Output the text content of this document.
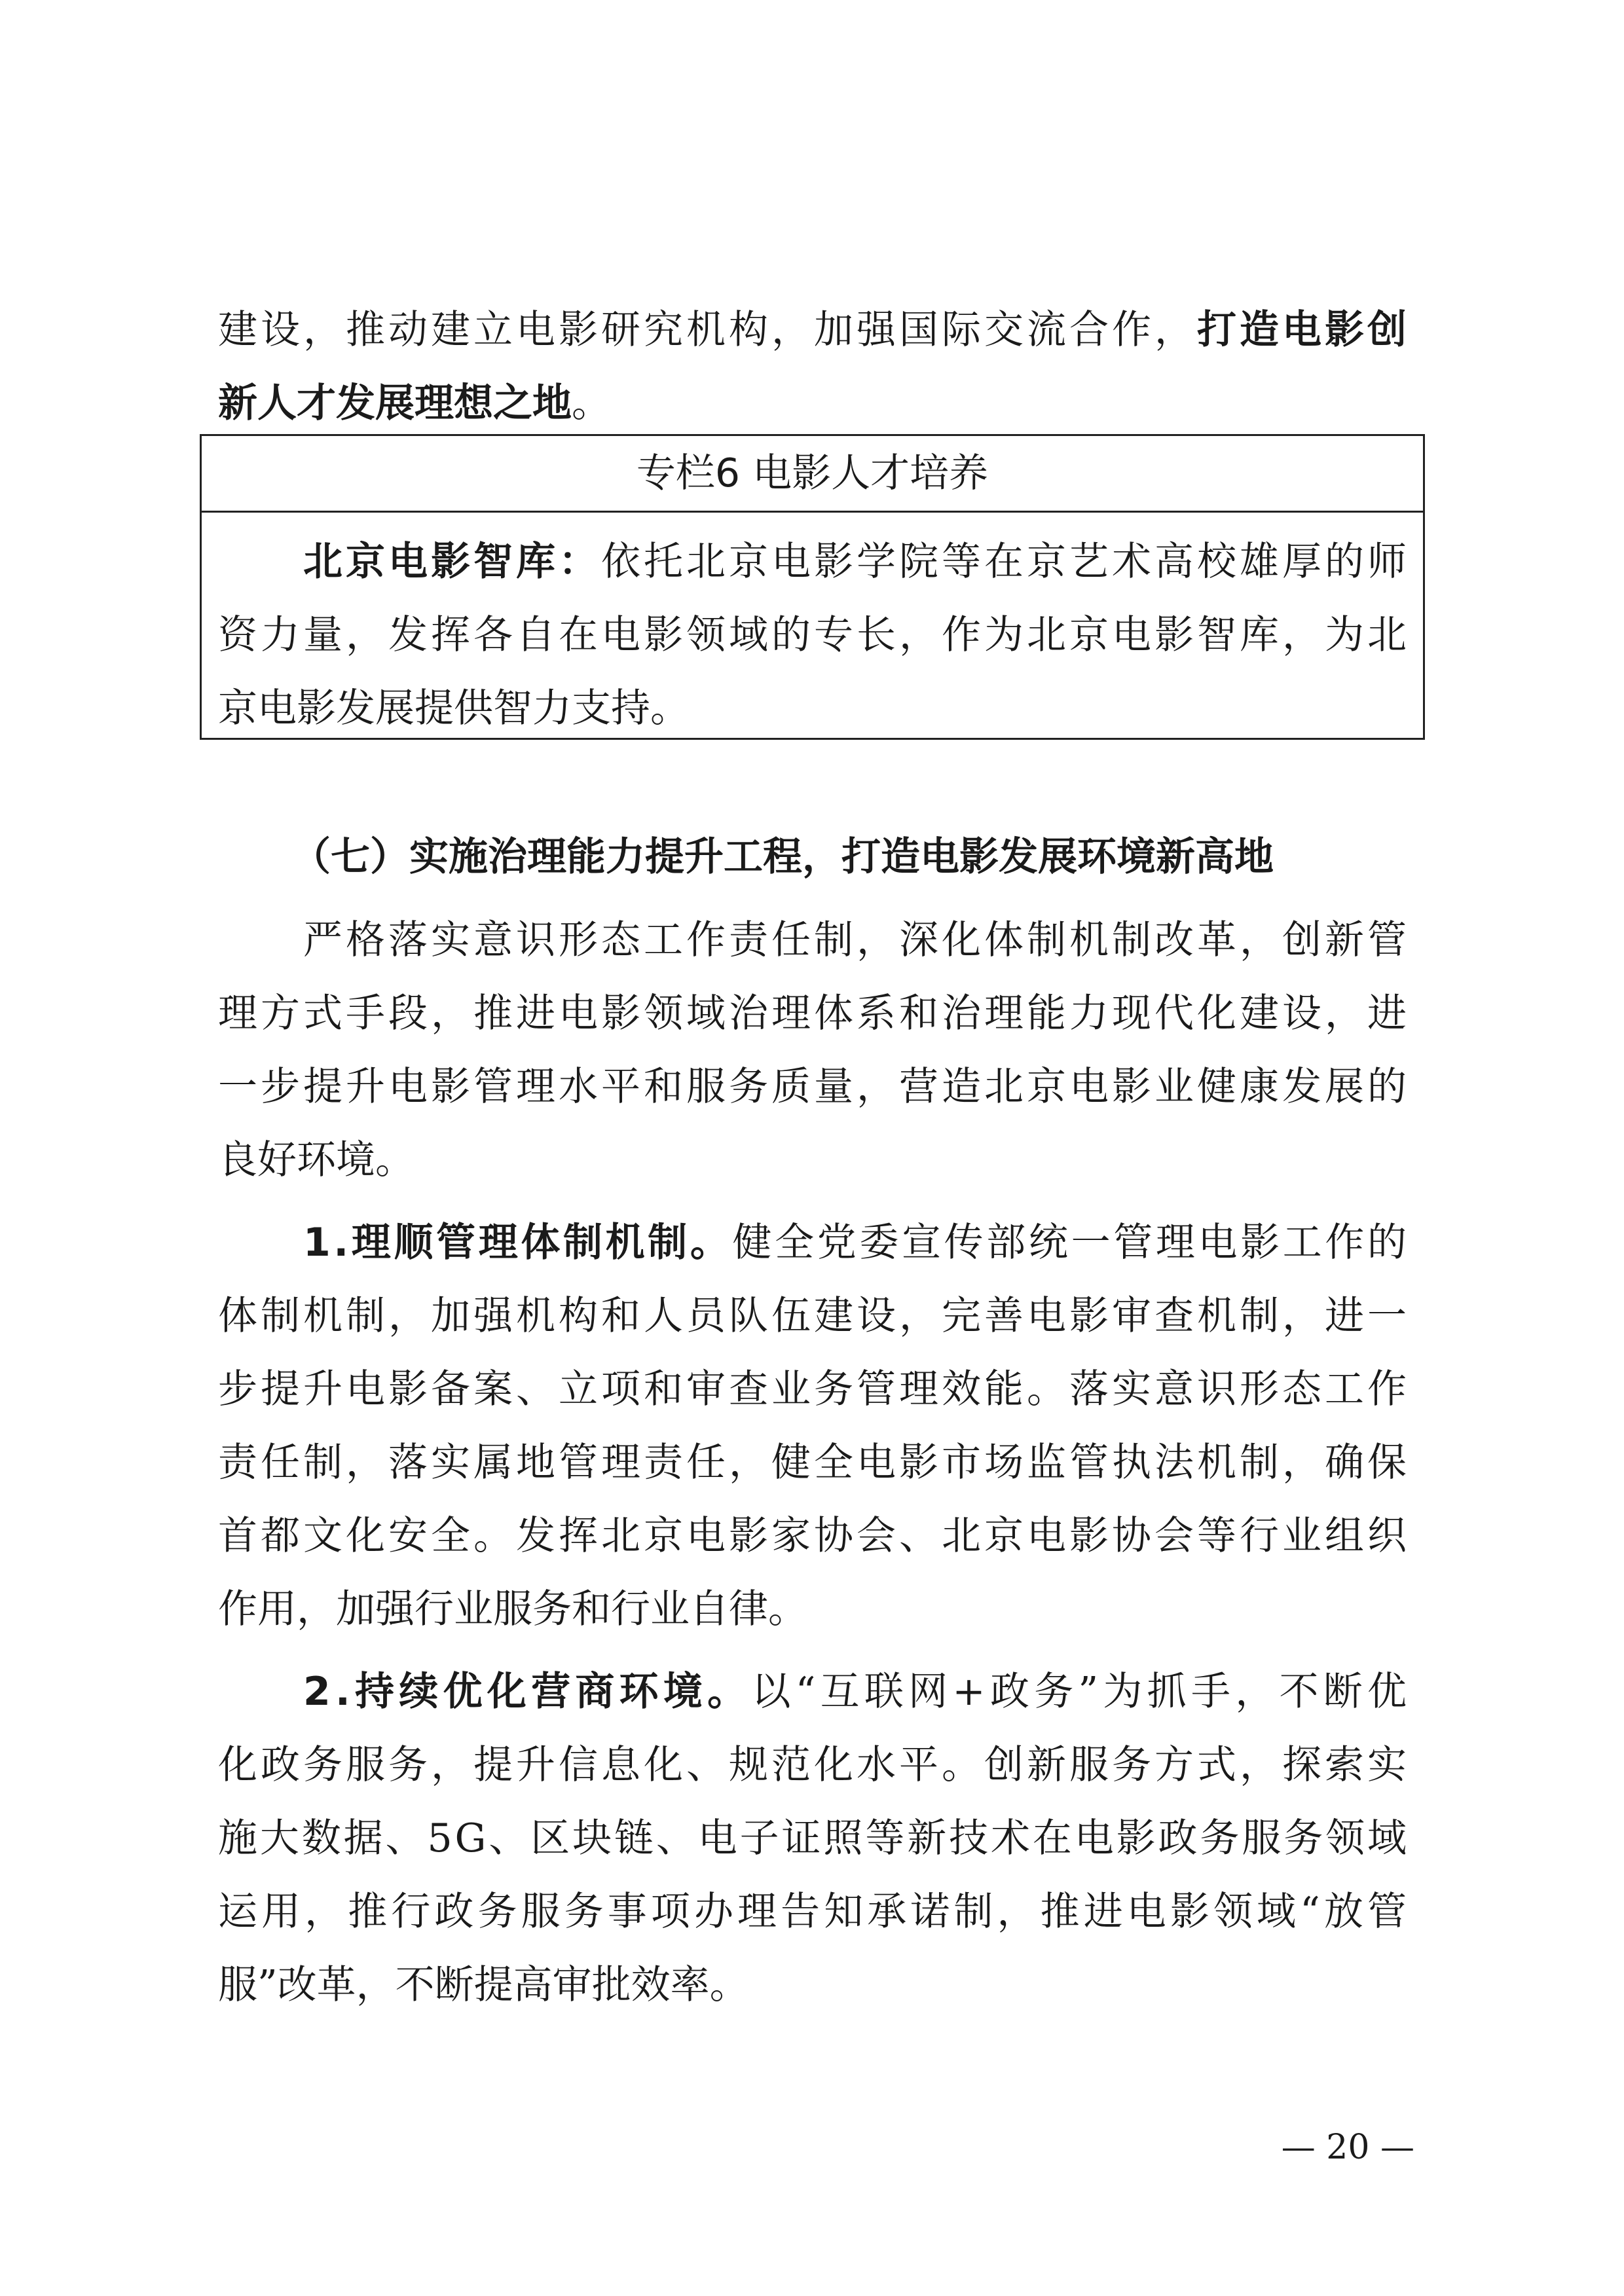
建设，推动建立电影研究机构，加强国际交流合作， 打造电影创
新人才发展理想之地 。
专栏6 电影人才培养
北京电影智库：依托北京电影学院等在京艺术高校雄厚的师
资力量，发挥各自在电影领域的专长，作为北京电影智库，为北
京电影发展提供智力支持。
（七）实施治理能力提升工程，打造电影发展环境新高地
严格落实意识形态工作责任制，深化体制机制改革，创新管
理方式手段，推进电影领域治理体系和治理能力现代化建设，进
一步提升电影管理水平和服务质量，营造北京电影业健康发展的
良好环境。
1.理顺管理体制机制。健全党委宣传部统一管理电影工作的
体制机制，加强机构和人员队伍建设，完善电影审查机制，进一
步提升电影备案、立项和审查业务管理效能。落实意识形态工作
责任制，落实属地管理责任，健全电影市场监管执法机制，确保
首都文化安全。发挥北京电影家协会、北京电影协会等行业组织
作用，加强行业服务和行业自律。
2.持续优化营商环境。以“互联网+政务”为抓手，不断优
化政务服务，提升信息化、规范化水平。创新服务方式，探索实
施大数据、5G、区块链、电子证照等新技术在电影政务服务领域
运用，推行政务服务事项办理告知承诺制，推进电影领域“放管
服”改革，不断提高审批效率。
— 20 —
